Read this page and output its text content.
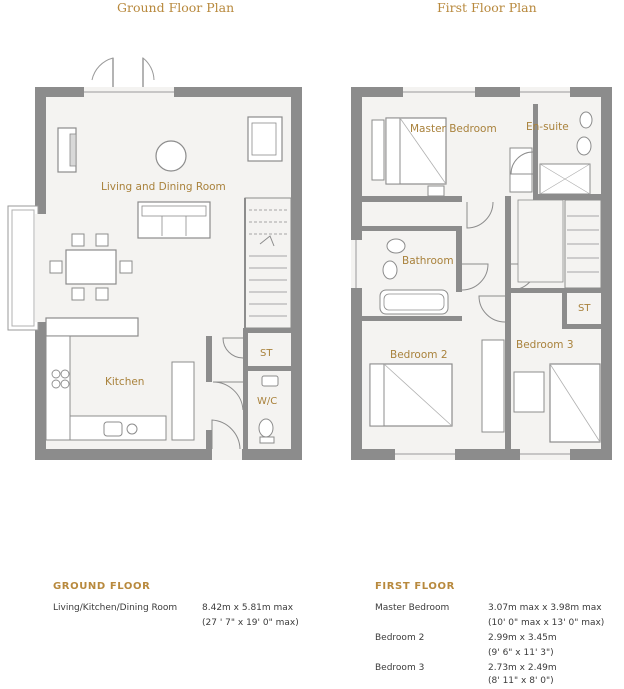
Ground Floor Plan	First Floor Plan
Living and Dining Room
Kitchen
ST
W/C
Master Bedroom	En-suite
Bathroom
Bedroom 2
Bedroom 3
ST
GROUND FLOOR
Living/Kitchen/Dining Room	8.42m x 5.81m max
(27 ' 7" x 19' 0" max)
FIRST FLOOR
Master Bedroom	3.07m max x 3.98m max
(10' 0" max x 13' 0" max)
Bedroom 2	2.99m x 3.45m
(9' 6" x 11' 3")
Bedroom 3	2.73m x 2.49m
(8' 11" x 8' 0")
